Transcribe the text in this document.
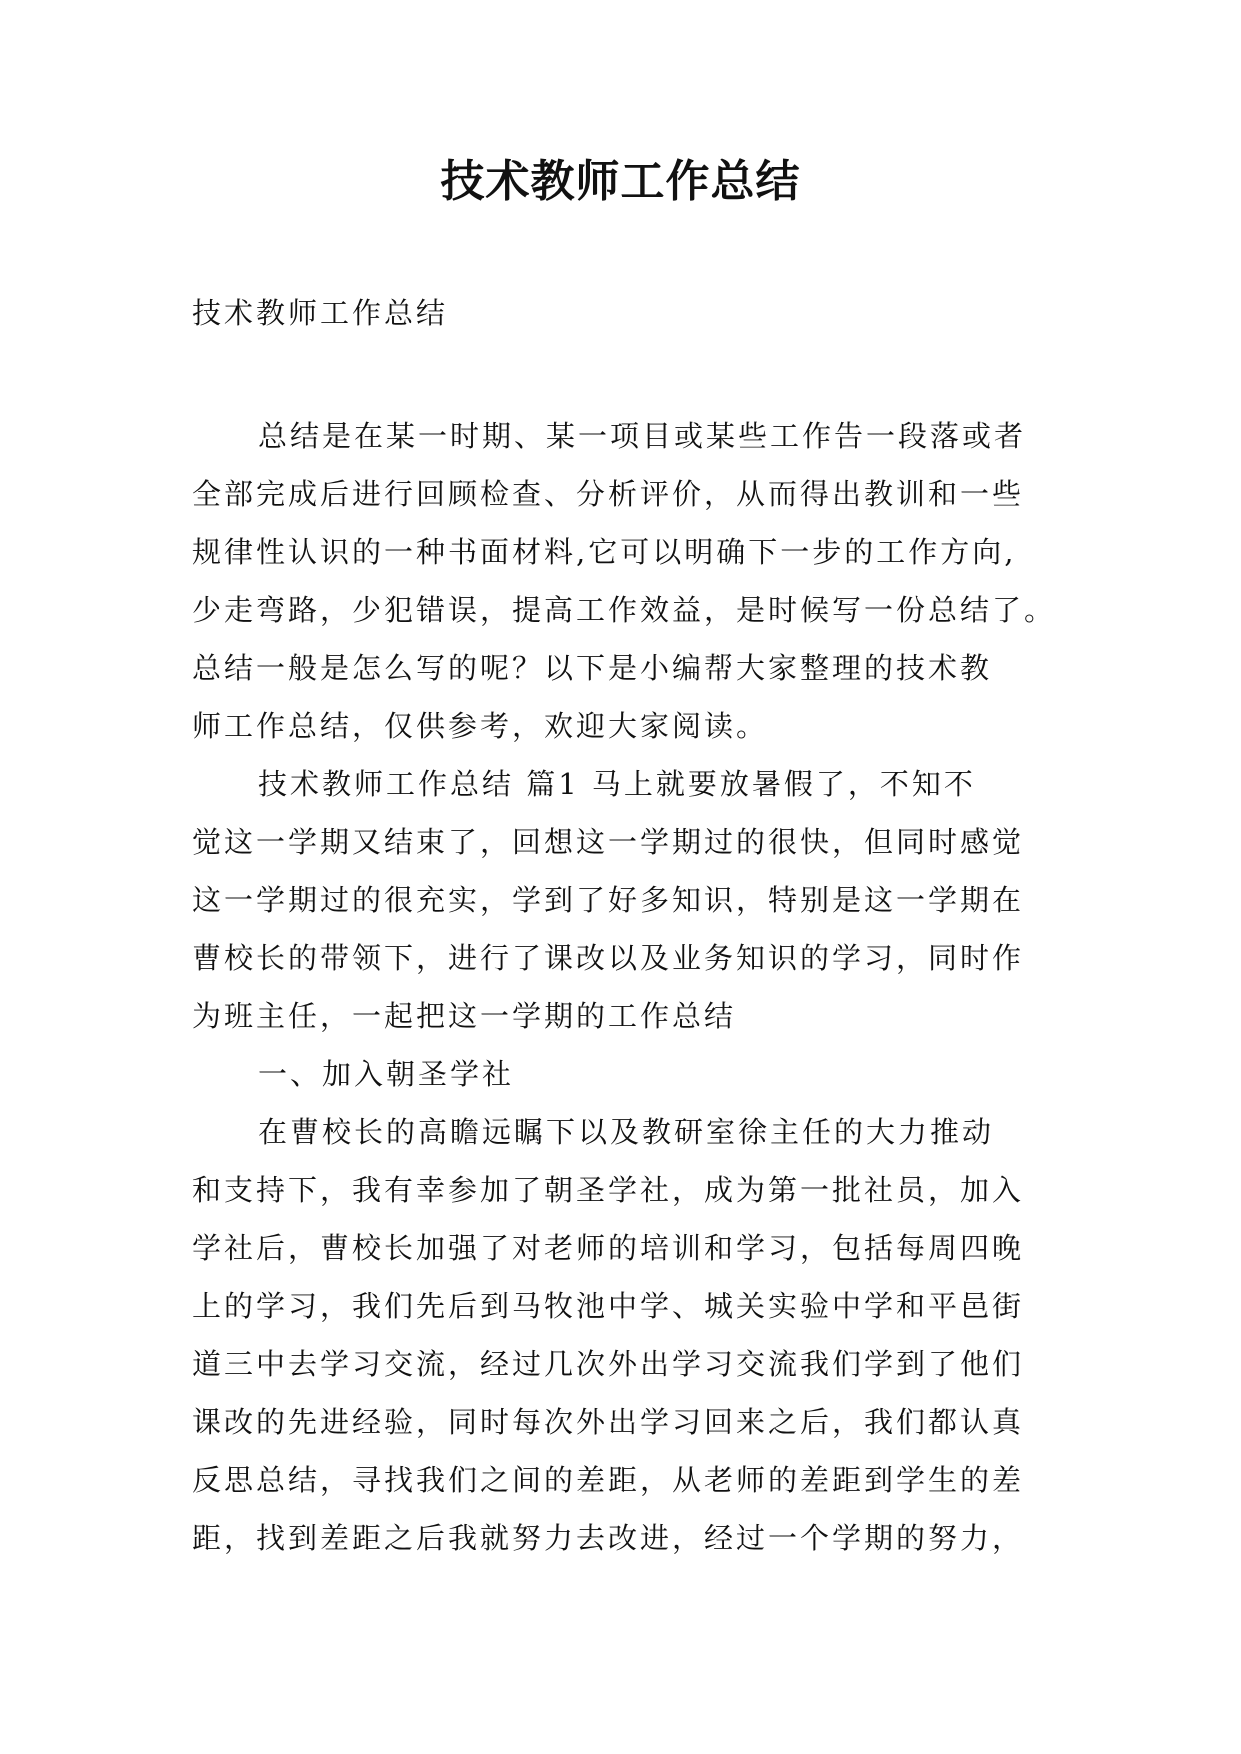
技术教师工作总结
技术教师工作总结
总结是在某一时期、某一项目或某些工作告一段落或者
全部完成后进行回顾检查、分析评价，从而得出教训和一些
规律性认识的一种书面材料,它可以明确下一步的工作方向,
少走弯路，少犯错误，提高工作效益，是时候写一份总结了。
总结一般是怎么写的呢？以下是小编帮大家整理的技术教
师工作总结，仅供参考，欢迎大家阅读。
技术教师工作总结 篇1 马上就要放暑假了，不知不
觉这一学期又结束了，回想这一学期过的很快，但同时感觉
这一学期过的很充实，学到了好多知识，特别是这一学期在
曹校长的带领下，进行了课改以及业务知识的学习，同时作
为班主任，一起把这一学期的工作总结
一、加入朝圣学社
在曹校长的高瞻远瞩下以及教研室徐主任的大力推动
和支持下，我有幸参加了朝圣学社，成为第一批社员，加入
学社后，曹校长加强了对老师的培训和学习，包括每周四晚
上的学习，我们先后到马牧池中学、城关实验中学和平邑街
道三中去学习交流，经过几次外出学习交流我们学到了他们
课改的先进经验，同时每次外出学习回来之后，我们都认真
反思总结，寻找我们之间的差距，从老师的差距到学生的差
距，找到差距之后我就努力去改进，经过一个学期的努力，
